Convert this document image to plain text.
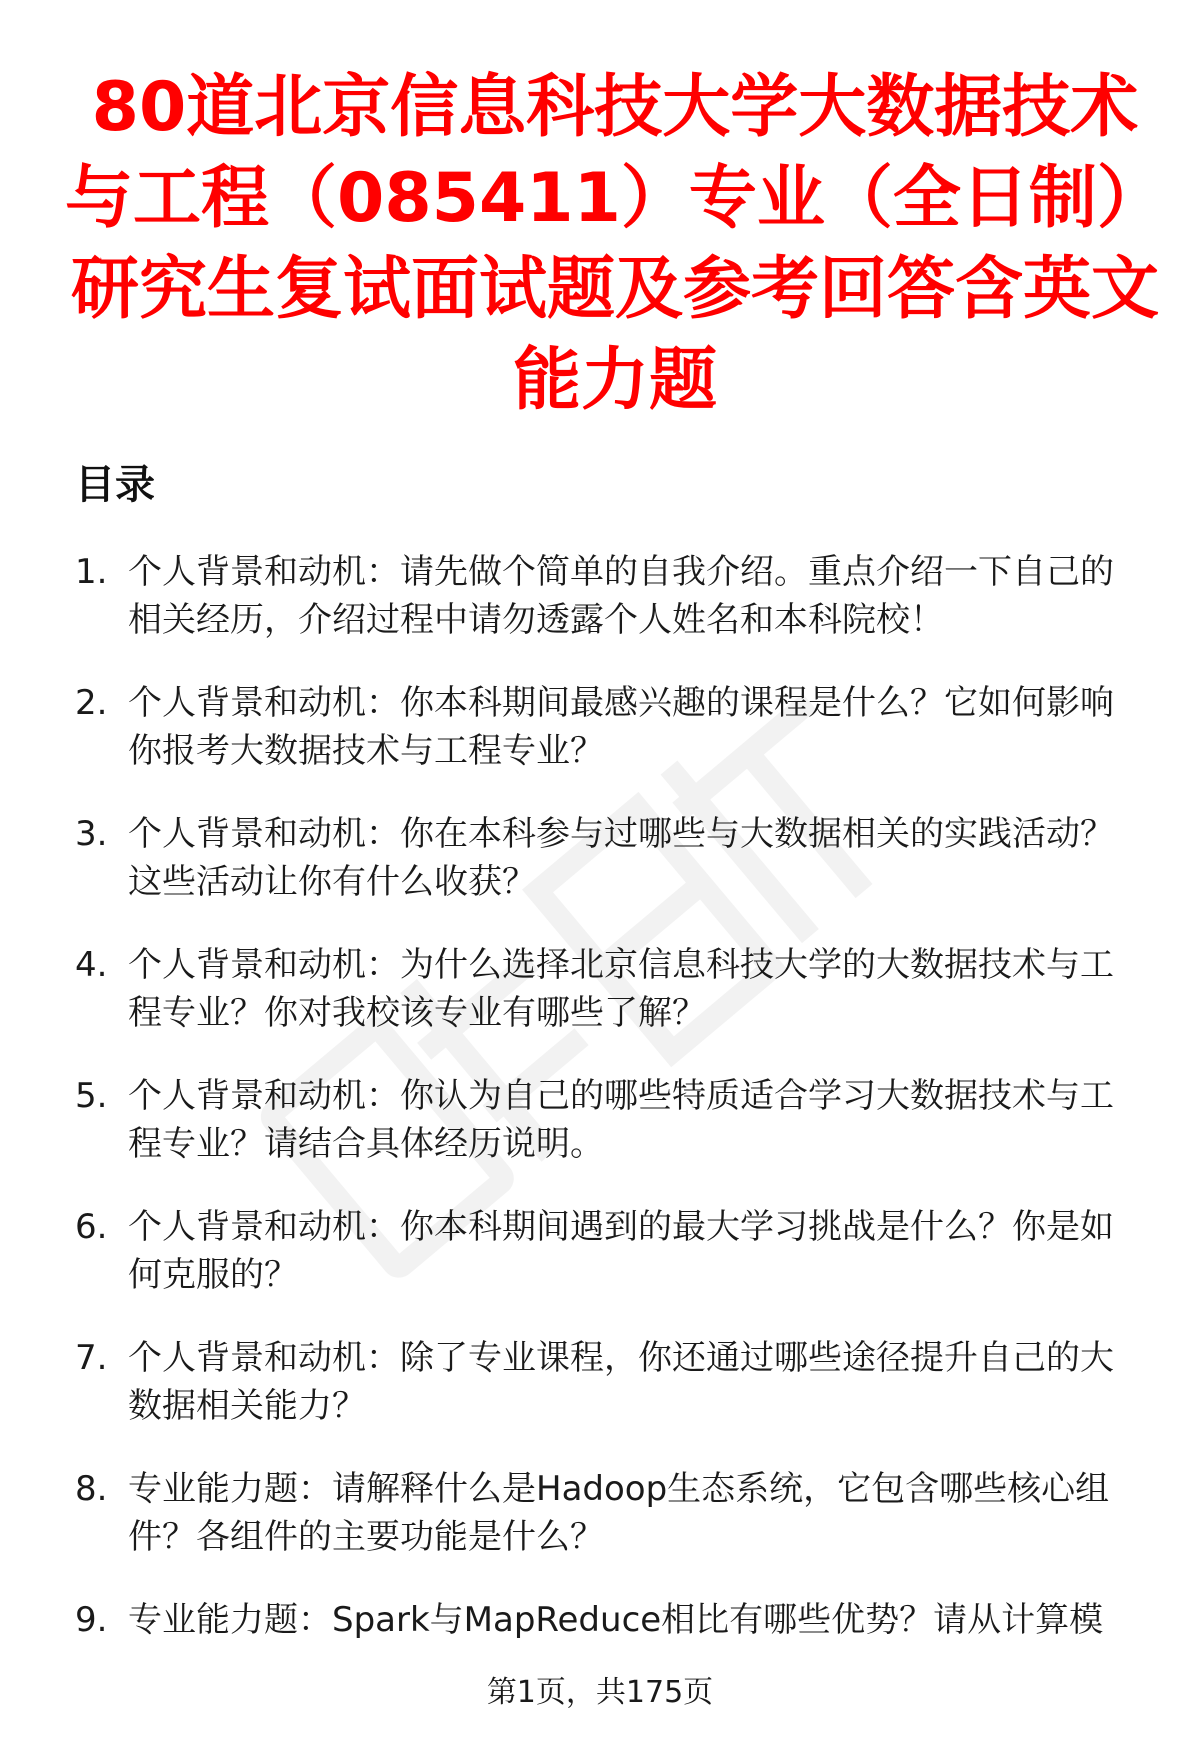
80道北京信息科技大学大数据技术与工程（085411）专业（全日制）研究生复试面试题及参考回答含英文能力题
目录
1. 个人背景和动机：请先做个简单的自我介绍。重点介绍一下自己的相关经历，介绍过程中请勿透露个人姓名和本科院校！
2. 个人背景和动机：你本科期间最感兴趣的课程是什么？它如何影响你报考大数据技术与工程专业？
3. 个人背景和动机：你在本科参与过哪些与大数据相关的实践活动？这些活动让你有什么收获？
4. 个人背景和动机：为什么选择北京信息科技大学的大数据技术与工程专业？你对我校该专业有哪些了解？
5. 个人背景和动机：你认为自己的哪些特质适合学习大数据技术与工程专业？请结合具体经历说明。
6. 个人背景和动机：你本科期间遇到的最大学习挑战是什么？你是如何克服的？
7. 个人背景和动机：除了专业课程，你还通过哪些途径提升自己的大数据相关能力？
8. 专业能力题：请解释什么是Hadoop生态系统，它包含哪些核心组件？各组件的主要功能是什么？
9. 专业能力题：Spark与MapReduce相比有哪些优势？请从计算模
第1页，共175页
